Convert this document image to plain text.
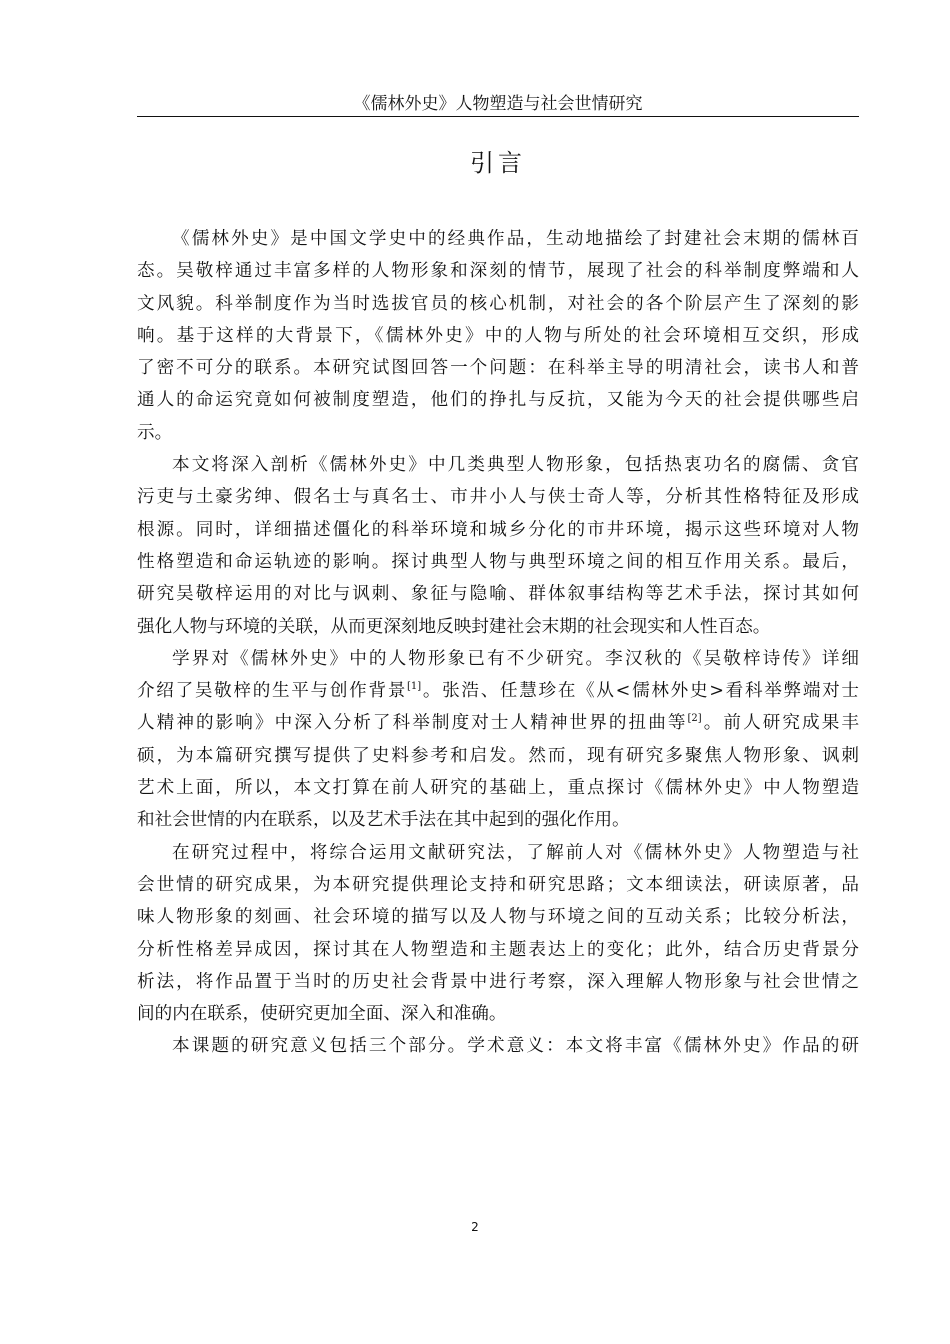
《儒林外史》人物塑造与社会世情研究
引言
《儒林外史》是中国文学史中的经典作品，生动地描绘了封建社会末期的儒林百
态。吴敬梓通过丰富多样的人物形象和深刻的情节，展现了社会的科举制度弊端和人
文风貌。科举制度作为当时选拔官员的核心机制，对社会的各个阶层产生了深刻的影
响。基于这样的大背景下，《儒林外史》中的人物与所处的社会环境相互交织，形成
了密不可分的联系。本研究试图回答一个问题：在科举主导的明清社会，读书人和普
通人的命运究竟如何被制度塑造，他们的挣扎与反抗，又能为今天的社会提供哪些启
示。
本文将深入剖析《儒林外史》中几类典型人物形象，包括热衷功名的腐儒、贪官
污吏与土豪劣绅、假名士与真名士、市井小人与侠士奇人等，分析其性格特征及形成
根源。同时，详细描述僵化的科举环境和城乡分化的市井环境，揭示这些环境对人物
性格塑造和命运轨迹的影响。探讨典型人物与典型环境之间的相互作用关系。最后，
研究吴敬梓运用的对比与讽刺、象征与隐喻、群体叙事结构等艺术手法，探讨其如何
强化人物与环境的关联，从而更深刻地反映封建社会末期的社会现实和人性百态。
学界对《儒林外史》中的人物形象已有不少研究。李汉秋的《吴敬梓诗传》详细
介绍了吴敬梓的生平与创作背景[1]。张浩、任慧珍在《从<儒林外史>看科举弊端对士
人精神的影响》中深入分析了科举制度对士人精神世界的扭曲等[2]。前人研究成果丰
硕，为本篇研究撰写提供了史料参考和启发。然而，现有研究多聚焦人物形象、讽刺
艺术上面，所以，本文打算在前人研究的基础上，重点探讨《儒林外史》中人物塑造
和社会世情的内在联系，以及艺术手法在其中起到的强化作用。
在研究过程中，将综合运用文献研究法，了解前人对《儒林外史》人物塑造与社
会世情的研究成果，为本研究提供理论支持和研究思路；文本细读法，研读原著，品
味人物形象的刻画、社会环境的描写以及人物与环境之间的互动关系；比较分析法，
分析性格差异成因，探讨其在人物塑造和主题表达上的变化；此外，结合历史背景分
析法，将作品置于当时的历史社会背景中进行考察，深入理解人物形象与社会世情之
间的内在联系，使研究更加全面、深入和准确。
本课题的研究意义包括三个部分。学术意义：本文将丰富《儒林外史》作品的研
2
